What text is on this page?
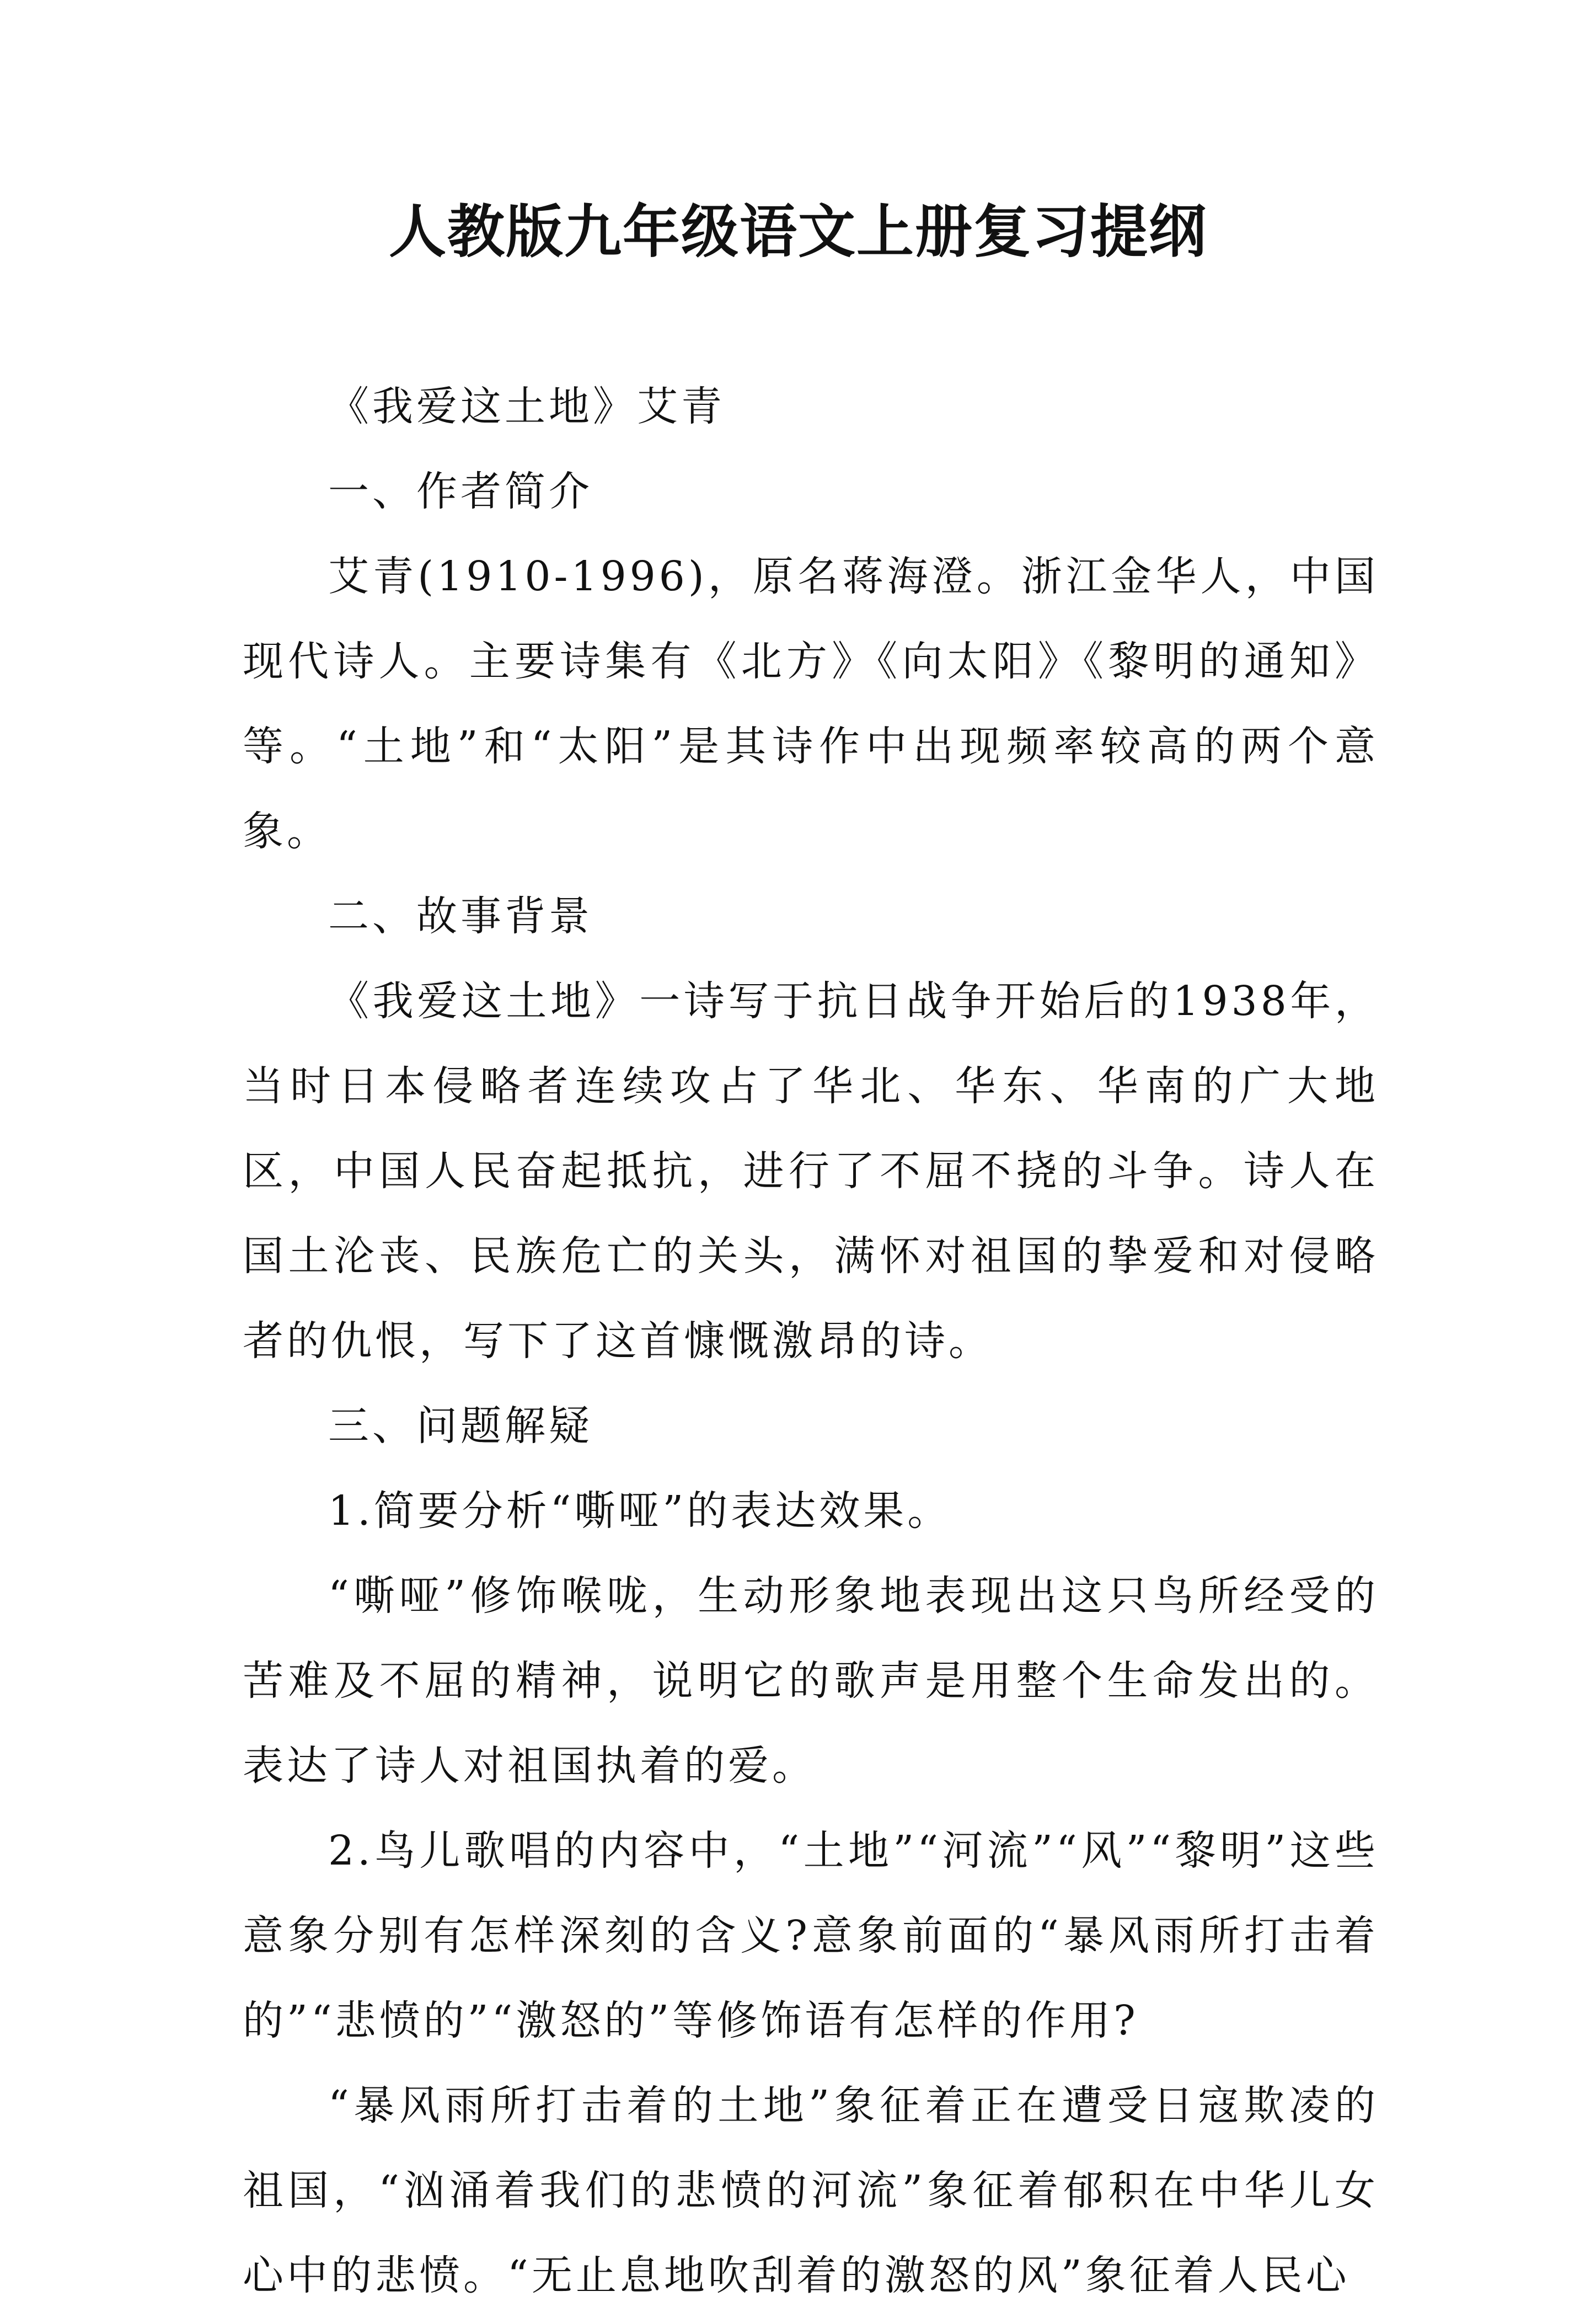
人教版九年级语文上册复习提纲

《我爱这土地》艾青

一、作者简介

艾青(1910-1996)，原名蒋海澄。浙江金华人，中国现代诗人。主要诗集有《北方》《向太阳》《黎明的通知》等。“土地”和“太阳”是其诗作中出现频率较高的两个意象。

二、故事背景

《我爱这土地》一诗写于抗日战争开始后的1938年，当时日本侵略者连续攻占了华北、华东、华南的广大地区，中国人民奋起抵抗，进行了不屈不挠的斗争。诗人在国土沦丧、民族危亡的关头，满怀对祖国的挚爱和对侵略者的仇恨，写下了这首慷慨激昂的诗。

三、问题解疑

1.简要分析“嘶哑”的表达效果。

“嘶哑”修饰喉咙，生动形象地表现出这只鸟所经受的苦难及不屈的精神，说明它的歌声是用整个生命发出的。表达了诗人对祖国执着的爱。

2.鸟儿歌唱的内容中，“土地”“河流”“风”“黎明”这些意象分别有怎样深刻的含义?意象前面的“暴风雨所打击着的”“悲愤的”“激怒的”等修饰语有怎样的作用?

“暴风雨所打击着的土地”象征着正在遭受日寇欺凌的祖国，“汹涌着我们的悲愤的河流”象征着郁积在中华儿女心中的悲愤。“无止息地吹刮着的激怒的风”象征着人民心
